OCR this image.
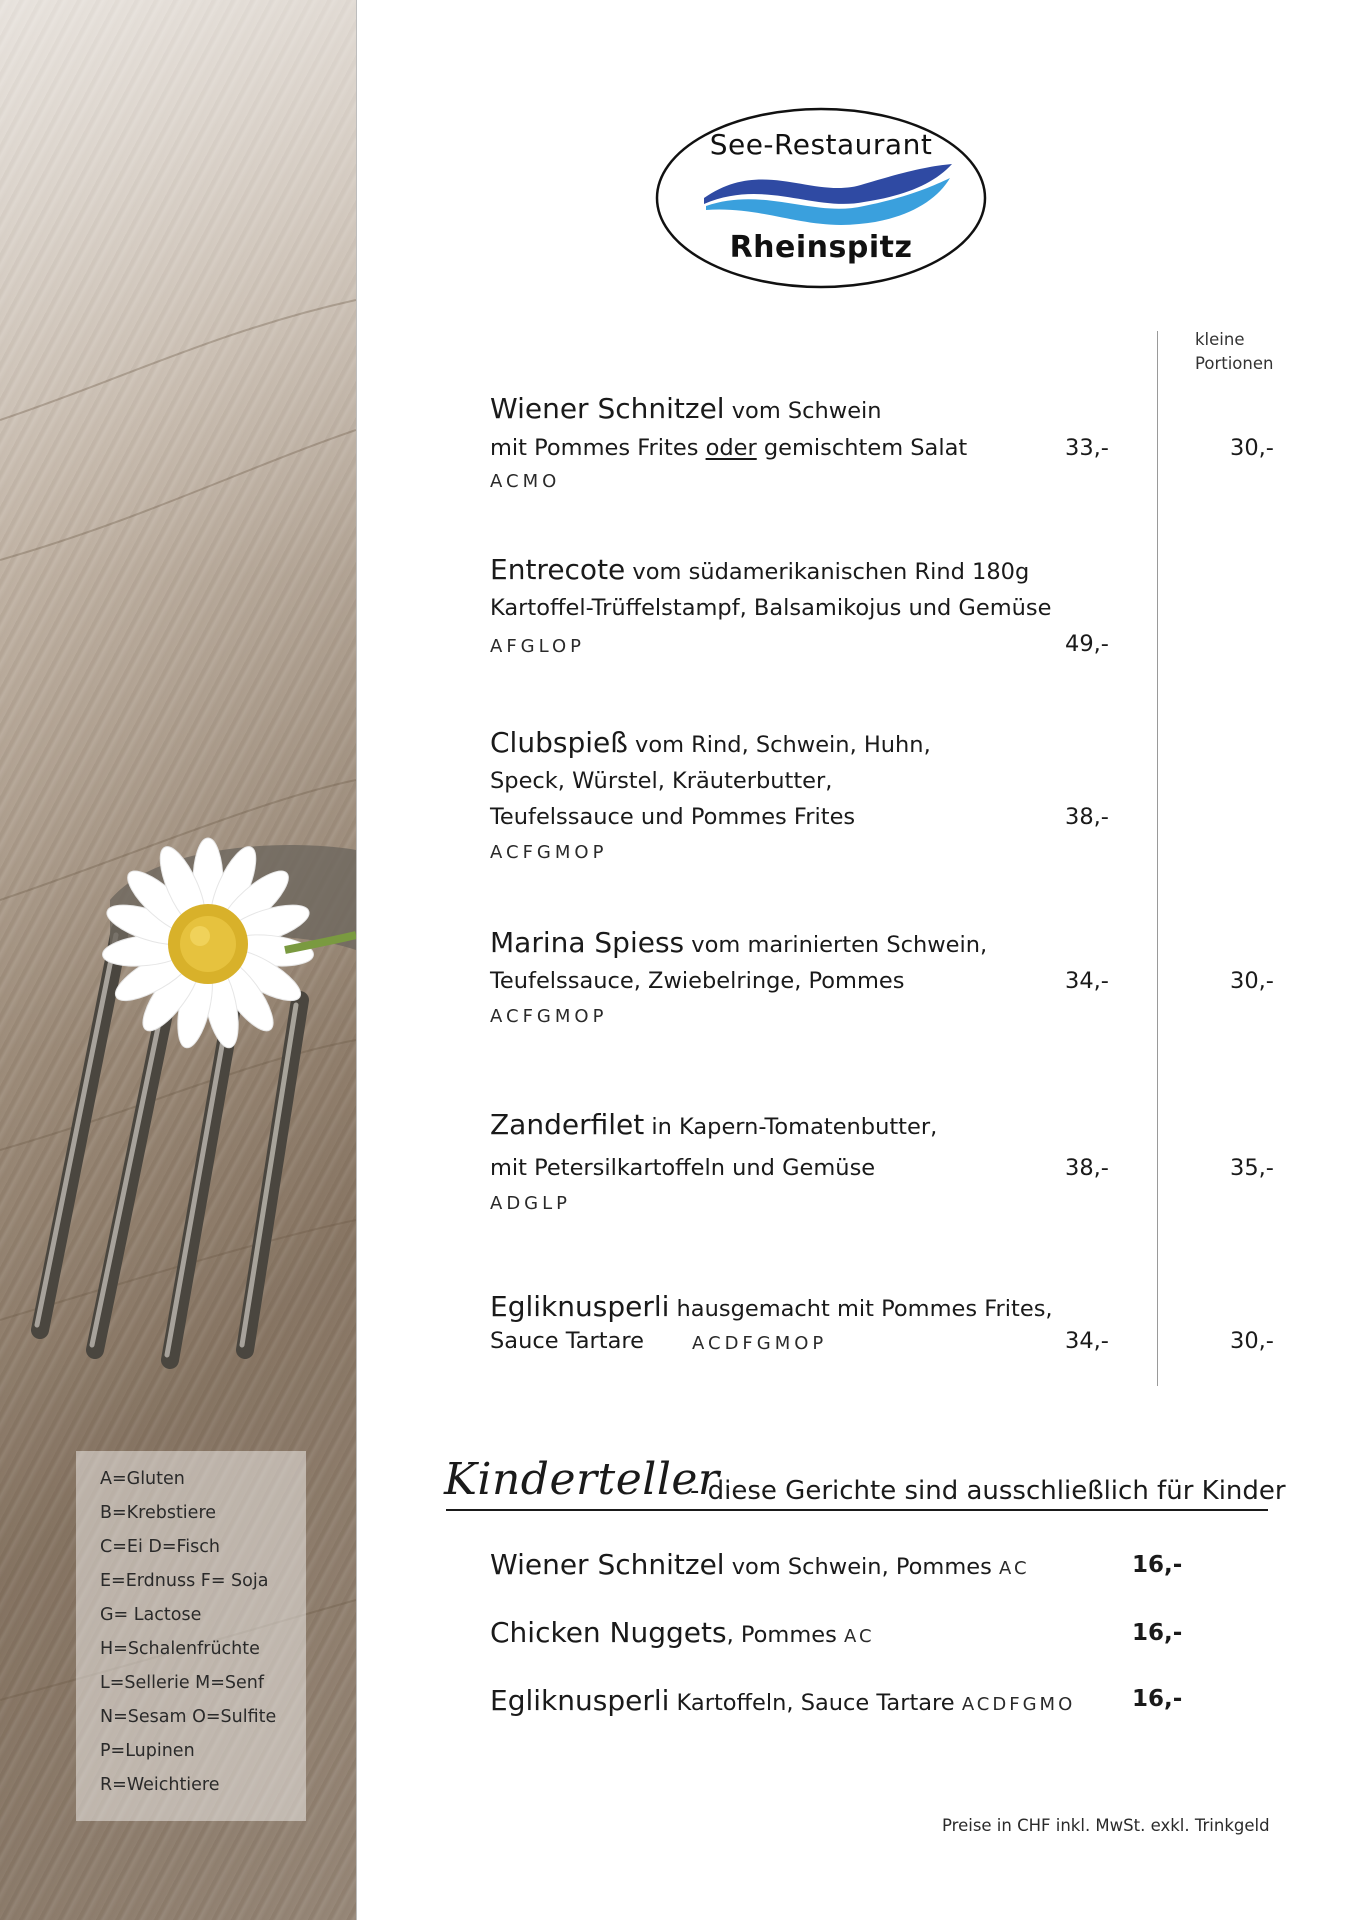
A=Gluten
B=Krebstiere
C=Ei D=Fisch
E=Erdnuss F= Soja
G= Lactose
H=Schalenfrüchte
L=Sellerie M=Senf
N=Sesam O=Sulfite
P=Lupinen
R=Weichtiere
See-Restaurant
Rheinspitz
kleine
Portionen
Wiener Schnitzel vom Schwein
mit Pommes Frites oder gemischtem Salat
ACMO
33,-	30,-
Entrecote vom südamerikanischen Rind 180g
Kartoffel-Trüffelstampf, Balsamikojus und Gemüse
AFGLOP	49,-
Clubspieß vom Rind, Schwein, Huhn,
Speck, Würstel, Kräuterbutter,
Teufelssauce und Pommes Frites
ACFGMOP
38,-
Marina Spiess vom marinierten Schwein,
Teufelssauce, Zwiebelringe, Pommes
ACFGMOP
34,-	30,-
Zanderfilet in Kapern-Tomatenbutter,
mit Petersilkartoffeln und Gemüse
ADGLP
38,-	35,-
Egliknusperli hausgemacht mit Pommes Frites,
Sauce Tartare	ACDFGMOP	34,-	30,-
Kinderteller
- diese Gerichte sind ausschließlich für Kinder
Wiener Schnitzel vom Schwein, Pommes AC	16,-
Chicken Nuggets, Pommes AC	16,-
Egliknusperli Kartoffeln, Sauce Tartare ACDFGMO 16,-
Preise in CHF inkl. MwSt. exkl. Trinkgeld
